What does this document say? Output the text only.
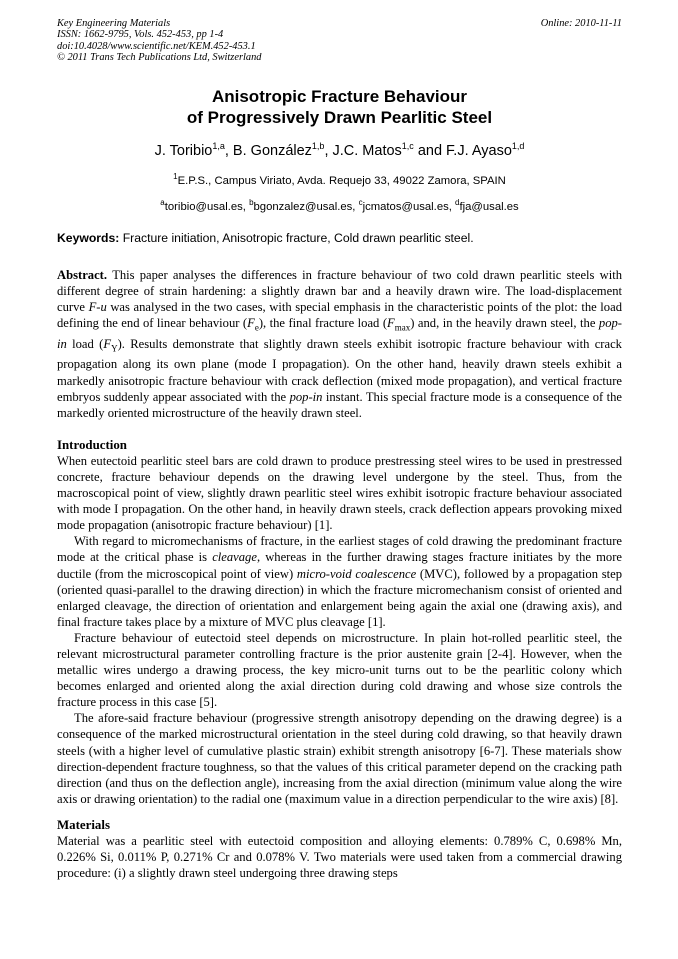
Key Engineering Materials
ISSN: 1662-9795, Vols. 452-453, pp 1-4
doi:10.4028/www.scientific.net/KEM.452-453.1
© 2011 Trans Tech Publications Ltd, Switzerland
Online: 2010-11-11
Anisotropic Fracture Behaviour
of Progressively Drawn Pearlitic Steel
J. Toribio$^{1,a}$, B. González$^{1,b}$, J.C. Matos$^{1,c}$ and F.J. Ayaso$^{1,d}$
$^1$E.P.S., Campus Viriato, Avda. Requejo 33, 49022 Zamora, SPAIN
$^a$toribio@usal.es, $^b$bgonzalez@usal.es, $^c$jcmatos@usal.es, $^d$fja@usal.es

Keywords: Fracture initiation, Anisotropic fracture, Cold drawn pearlitic steel.

Abstract. This paper analyses the differences in fracture behaviour of two cold drawn pearlitic steels with different degree of strain hardening: a slightly drawn bar and a heavily drawn wire. The load-displacement curve F-u was analysed in the two cases, with special emphasis in the characteristic points of the plot: the load defining the end of linear behaviour $(F_e)$, the final fracture load $(F_{max})$ and, in the heavily drawn steel, the pop-in load $(F_Y)$. Results demonstrate that slightly drawn steels exhibit isotropic fracture behaviour with crack propagation along its own plane (mode I propagation). On the other hand, heavily drawn steels exhibit a markedly anisotropic fracture behaviour with crack deflection (mixed mode propagation), and vertical fracture embryos suddenly appear associated with the pop-in instant. This special fracture mode is a consequence of the markedly oriented microstructure of the heavily drawn steel.

Introduction

When eutectoid pearlitic steel bars are cold drawn to produce prestressing steel wires to be used in prestressed concrete, fracture behaviour depends on the drawing level undergone by the steel. Thus, from the macroscopical point of view, slightly drawn pearlitic steel wires exhibit isotropic fracture behaviour associated with mode I propagation. On the other hand, in heavily drawn steels, crack deflection appears provoking mixed mode propagation (anisotropic fracture behaviour) [1].

With regard to micromechanisms of fracture, in the earliest stages of cold drawing the predominant fracture mode at the critical phase is cleavage, whereas in the further drawing stages fracture initiates by the more ductile (from the microscopical point of view) micro-void coalescence (MVC), followed by a propagation step (oriented quasi-parallel to the drawing direction) in which the fracture micromechanism consist of oriented and enlarged cleavage, the direction of orientation and enlargement being again the axial one (drawing axis), and final fracture takes place by a mixture of MVC plus cleavage [1].

Fracture behaviour of eutectoid steel depends on microstructure. In plain hot-rolled pearlitic steel, the relevant microstructural parameter controlling fracture is the prior austenite grain [2-4]. However, when the metallic wires undergo a drawing process, the key micro-unit turns out to be the pearlitic colony which becomes enlarged and oriented along the axial direction during cold drawing and whose size controls the fracture process in this case [5].

The afore-said fracture behaviour (progressive strength anisotropy depending on the drawing degree) is a consequence of the marked microstructural orientation in the steel during cold drawing, so that heavily drawn steels (with a higher level of cumulative plastic strain) exhibit strength anisotropy [6-7]. These materials show direction-dependent fracture toughness, so that the values of this critical parameter depend on the cracking path direction (and thus on the deflection angle), increasing from the axial direction (minimum value along the wire axis or drawing orientation) to the radial one (maximum value in a direction perpendicular to the wire axis) [8].

Materials

Material was a pearlitic steel with eutectoid composition and alloying elements: 0.789% C, 0.698% Mn, 0.226% Si, 0.011% P, 0.271% Cr and 0.078% V. Two materials were used taken from a commercial drawing procedure: (i) a slightly drawn steel undergoing three drawing steps
